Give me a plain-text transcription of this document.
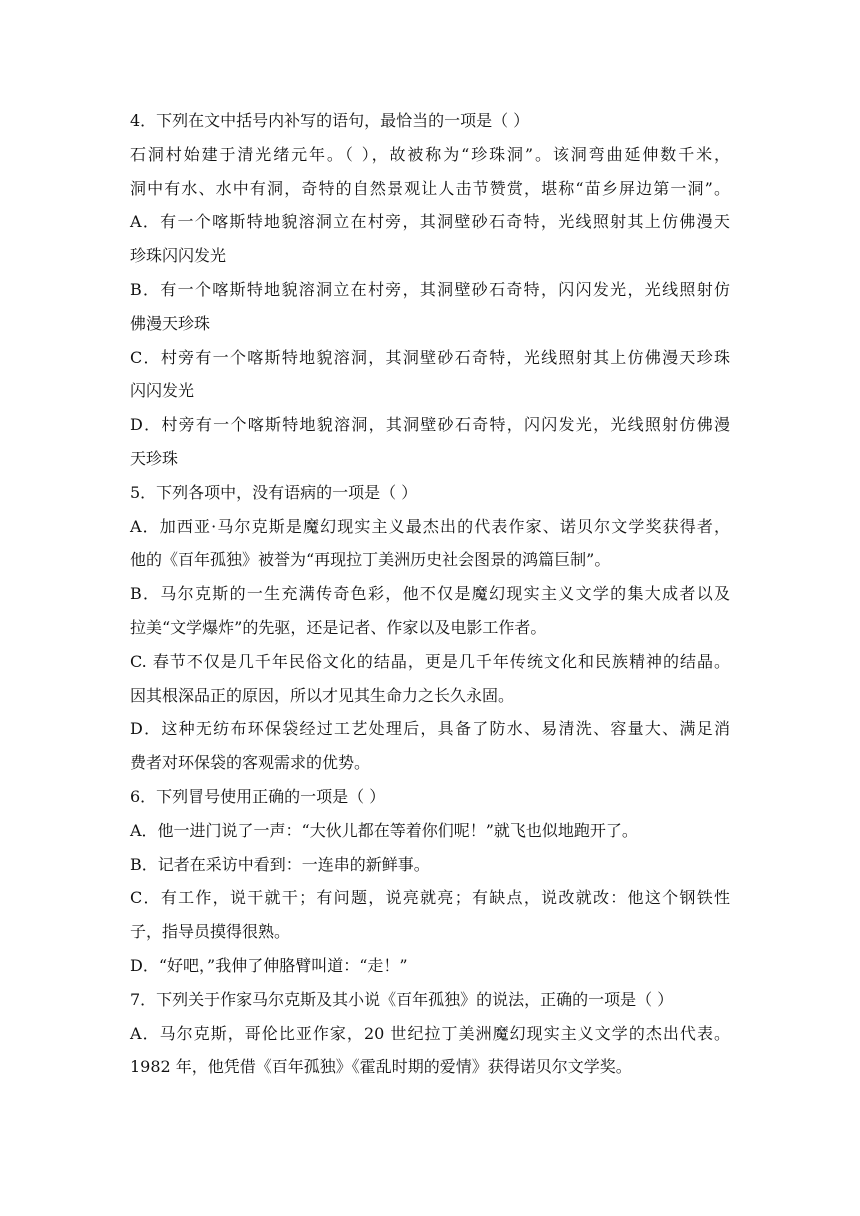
4．下列在文中括号内补写的语句，最恰当的一项是（ ）
石洞村始建于清光绪元年。（ ），故被称为“珍珠洞”。该洞弯曲延伸数千米，
洞中有水、水中有洞，奇特的自然景观让人击节赞赏，堪称“苗乡屏边第一洞”。
A．有一个喀斯特地貌溶洞立在村旁，其洞壁砂石奇特，光线照射其上仿佛漫天
珍珠闪闪发光
B．有一个喀斯特地貌溶洞立在村旁，其洞壁砂石奇特，闪闪发光，光线照射仿
佛漫天珍珠
C．村旁有一个喀斯特地貌溶洞，其洞壁砂石奇特，光线照射其上仿佛漫天珍珠
闪闪发光
D．村旁有一个喀斯特地貌溶洞，其洞壁砂石奇特，闪闪发光，光线照射仿佛漫
天珍珠
5．下列各项中，没有语病的一项是（ ）
A．加西亚·马尔克斯是魔幻现实主义最杰出的代表作家、诺贝尔文学奖获得者，
他的《百年孤独》被誉为“再现拉丁美洲历史社会图景的鸿篇巨制”。
B．马尔克斯的一生充满传奇色彩，他不仅是魔幻现实主义文学的集大成者以及
拉美“文学爆炸”的先驱，还是记者、作家以及电影工作者。
C. 春节不仅是几千年民俗文化的结晶，更是几千年传统文化和民族精神的结晶。
因其根深品正的原因，所以才见其生命力之长久永固。
D．这种无纺布环保袋经过工艺处理后，具备了防水、易清洗、容量大、满足消
费者对环保袋的客观需求的优势。
6．下列冒号使用正确的一项是（ ）
A．他一进门说了一声：“大伙儿都在等着你们呢！”就飞也似地跑开了。
B．记者在采访中看到：一连串的新鲜事。
C．有工作，说干就干；有问题，说亮就亮；有缺点，说改就改：他这个钢铁性
子，指导员摸得很熟。
D．“好吧，”我伸了伸胳臂叫道：“走！”
7．下列关于作家马尔克斯及其小说《百年孤独》的说法，正确的一项是（ ）
A．马尔克斯，哥伦比亚作家，20 世纪拉丁美洲魔幻现实主义文学的杰出代表。
1982 年，他凭借《百年孤独》《霍乱时期的爱情》获得诺贝尔文学奖。
